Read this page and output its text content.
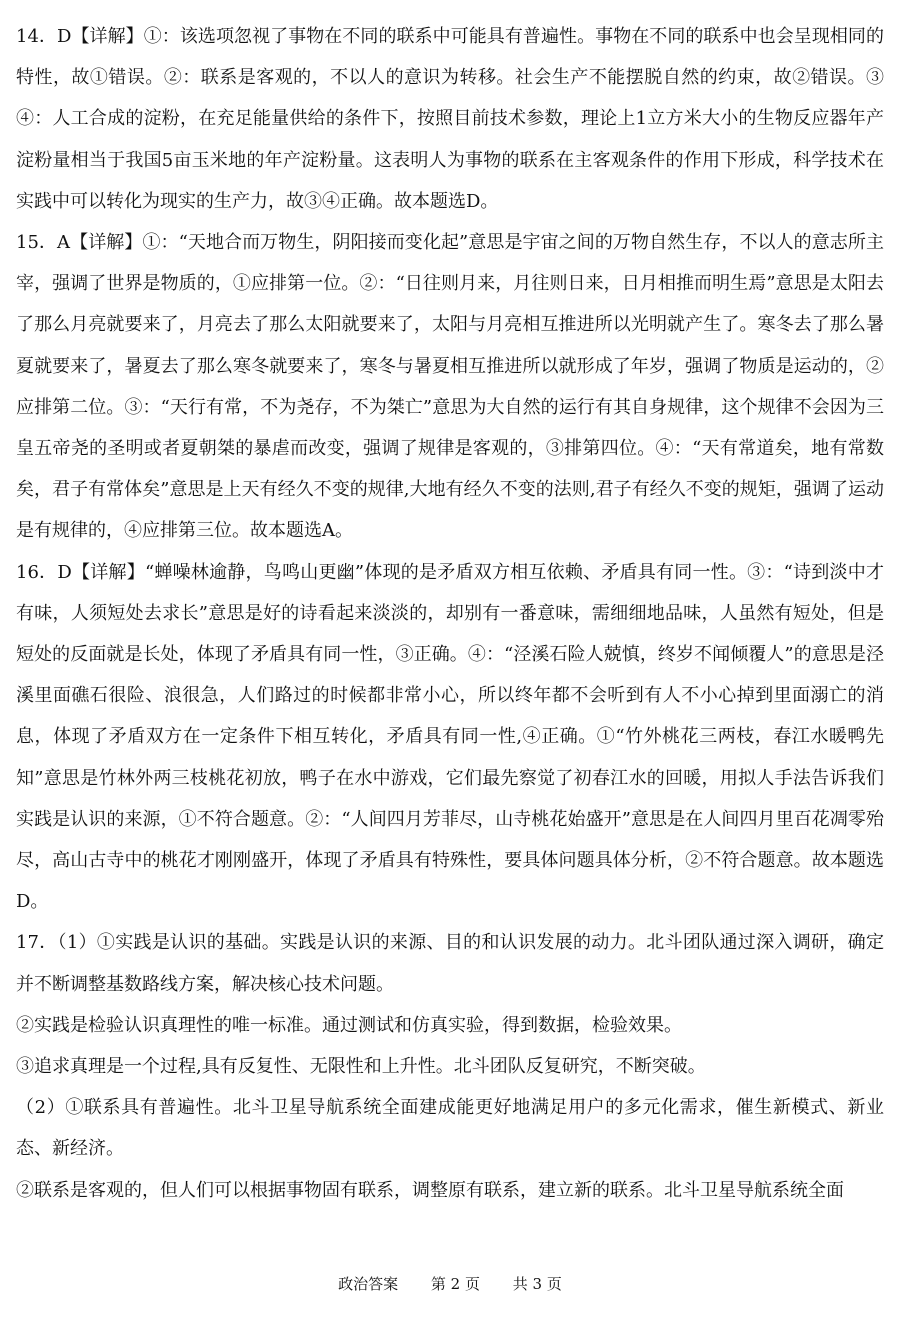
14．D【详解】①：该选项忽视了事物在不同的联系中可能具有普遍性。事物在不同的联系中也会呈现相同的特性，故①错误。②：联系是客观的，不以人的意识为转移。社会生产不能摆脱自然的约束，故②错误。③④：人工合成的淀粉，在充足能量供给的条件下，按照目前技术参数，理论上1立方米大小的生物反应器年产淀粉量相当于我国5亩玉米地的年产淀粉量。这表明人为事物的联系在主客观条件的作用下形成，科学技术在实践中可以转化为现实的生产力，故③④正确。故本题选D。

15．A【详解】①：“天地合而万物生，阴阳接而变化起”意思是宇宙之间的万物自然生存，不以人的意志所主宰，强调了世界是物质的，①应排第一位。②：“日往则月来，月往则日来，日月相推而明生焉”意思是太阳去了那么月亮就要来了，月亮去了那么太阳就要来了，太阳与月亮相互推进所以光明就产生了。寒冬去了那么暑夏就要来了，暑夏去了那么寒冬就要来了，寒冬与暑夏相互推进所以就形成了年岁，强调了物质是运动的，②应排第二位。③：“天行有常，不为尧存，不为桀亡”意思为大自然的运行有其自身规律，这个规律不会因为三皇五帝尧的圣明或者夏朝桀的暴虐而改变，强调了规律是客观的，③排第四位。④：“天有常道矣，地有常数矣，君子有常体矣”意思是上天有经久不变的规律,大地有经久不变的法则,君子有经久不变的规矩，强调了运动是有规律的，④应排第三位。故本题选A。

16．D【详解】“蝉噪林逾静，鸟鸣山更幽”体现的是矛盾双方相互依赖、矛盾具有同一性。③：“诗到淡中才有味，人须短处去求长”意思是好的诗看起来淡淡的，却别有一番意味，需细细地品味，人虽然有短处，但是短处的反面就是长处，体现了矛盾具有同一性，③正确。④：“泾溪石险人兢慎，终岁不闻倾覆人”的意思是泾溪里面礁石很险、浪很急，人们路过的时候都非常小心，所以终年都不会听到有人不小心掉到里面溺亡的消息，体现了矛盾双方在一定条件下相互转化，矛盾具有同一性,④正确。①“竹外桃花三两枝，春江水暖鸭先知”意思是竹林外两三枝桃花初放，鸭子在水中游戏，它们最先察觉了初春江水的回暖，用拟人手法告诉我们实践是认识的来源，①不符合题意。②：“人间四月芳菲尽，山寺桃花始盛开”意思是在人间四月里百花凋零殆尽，高山古寺中的桃花才刚刚盛开，体现了矛盾具有特殊性，要具体问题具体分析，②不符合题意。故本题选D。

17．（1）①实践是认识的基础。实践是认识的来源、目的和认识发展的动力。北斗团队通过深入调研，确定并不断调整基数路线方案，解决核心技术问题。

②实践是检验认识真理性的唯一标准。通过测试和仿真实验，得到数据，检验效果。

③追求真理是一个过程,具有反复性、无限性和上升性。北斗团队反复研究，不断突破。

（2）①联系具有普遍性。北斗卫星导航系统全面建成能更好地满足用户的多元化需求，催生新模式、新业态、新经济。

②联系是客观的，但人们可以根据事物固有联系，调整原有联系，建立新的联系。北斗卫星导航系统全面

政治答案 第 2 页 共 3 页
